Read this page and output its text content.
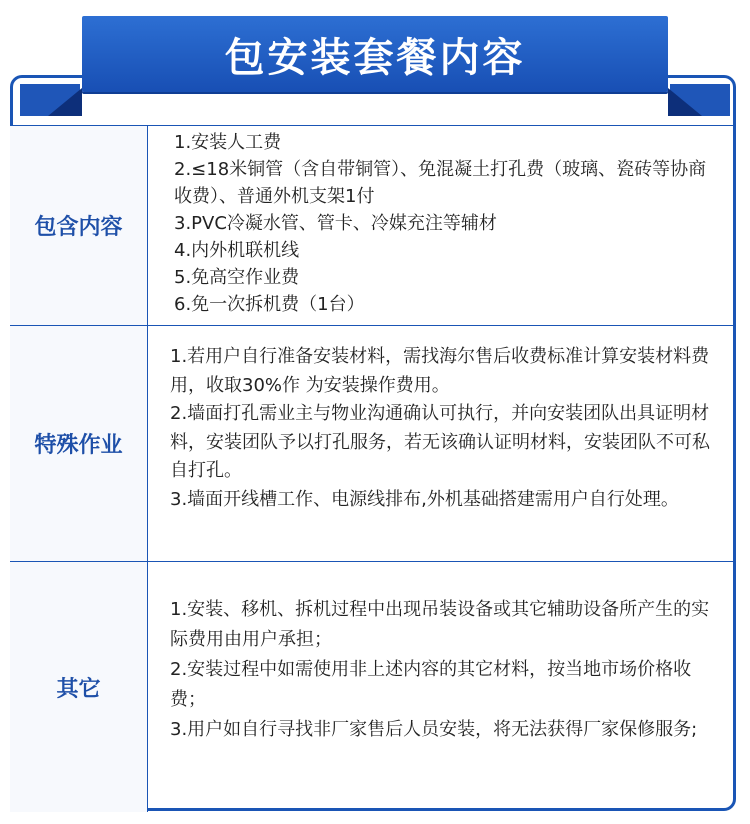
包安装套餐内容
包含内容

1.安装人工费

2.≤18米铜管（含自带铜管）、免混凝土打孔费（玻璃、瓷砖等协商收费）、普通外机支架1付

3.PVC冷凝水管、管卡、冷媒充注等辅材

4.内外机联机线

5.免高空作业费

6.免一次拆机费（1台）

特殊作业

1.若用户自行准备安装材料，需找海尔售后收费标准计算安装材料费用，收取30%作 为安装操作费用。

2.墙面打孔需业主与物业沟通确认可执行，并向安装团队出具证明材料，安装团队予以打孔服务，若无该确认证明材料，安装团队不可私自打孔。

3.墙面开线槽工作、电源线排布,外机基础搭建需用户自行处理。

其它

1.安装、移机、拆机过程中出现吊装设备或其它辅助设备所产生的实际费用由用户承担；

2.安装过程中如需使用非上述内容的其它材料，按当地市场价格收费；

3.用户如自行寻找非厂家售后人员安装，将无法获得厂家保修服务;
